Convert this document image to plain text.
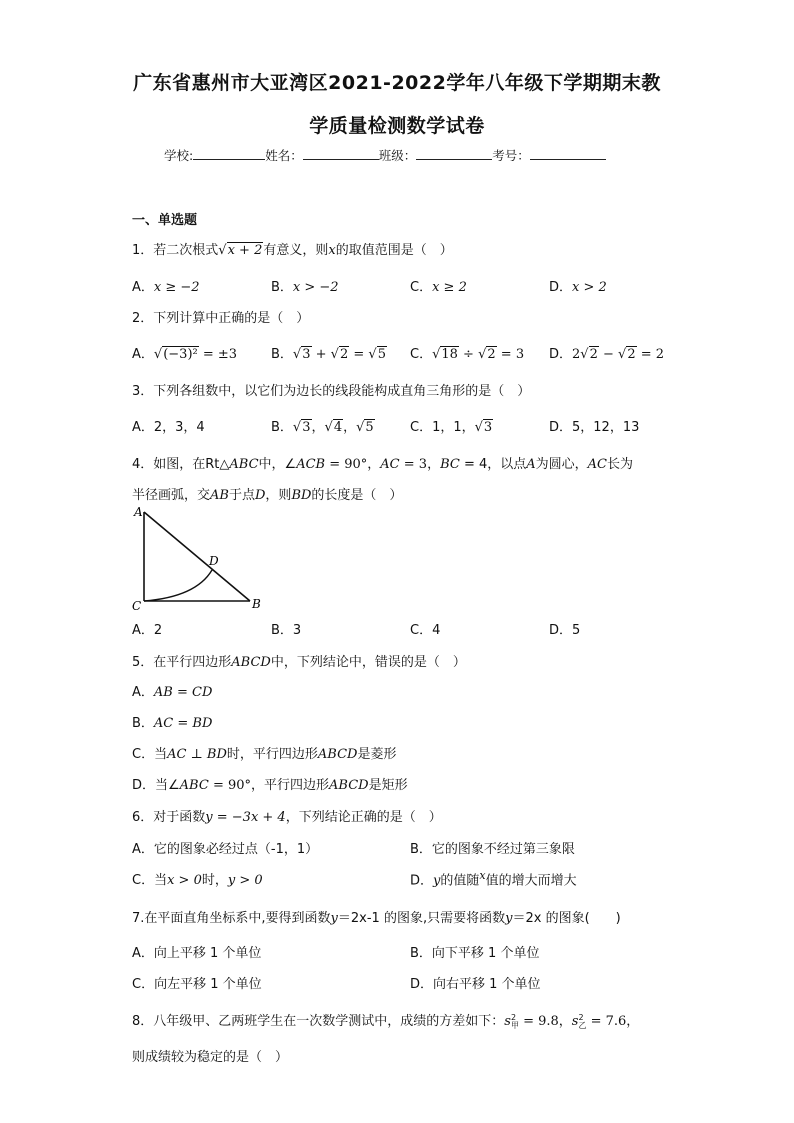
广东省惠州市大亚湾区2021-2022学年八年级下学期期末教
学质量检测数学试卷
学校:	姓名：	班级：	考号：
一、单选题
1．若二次根式√x + 2有意义，则x的取值范围是（　）
A．x ≥ −2	B．x > −2	C．x ≥ 2	D．x > 2
2．下列计算中正确的是（　）
A．√(−3)² = ±3	B．√3 + √2 = √5 C．√18 ÷ √2 = 3 D．2√2 − √2 = 2
3．下列各组数中，以它们为边长的线段能构成直角三角形的是（　）
A．2，3，4	B．√3，√4，√5	C．1，1，√3	D．5，12，13
4．如图，在Rt△ABC中，∠ACB = 90°，AC = 3，BC = 4，以点A为圆心，AC长为
半径画弧，交AB于点D，则BD的长度是（　）
A
B
C
D
A．2	B．3	C．4	D．5
5．在平行四边形ABCD中，下列结论中，错误的是（　）
A．AB = CD
B．AC = BD
C．当AC ⊥ BD时，平行四边形ABCD是菱形
D．当∠ABC = 90°，平行四边形ABCD是矩形
6．对于函数y = −3x + 4，下列结论正确的是（　）
A．它的图象必经过点（-1，1）	B．它的图象不经过第三象限
C．当x > 0时，y > 0	D．y的值随$^x$值的增大而增大
7.在平面直角坐标系中,要得到函数y＝2x-1 的图象,只需要将函数y＝2x 的图象(　　)
A．向上平移 1 个单位	B．向下平移 1 个单位
C．向左平移 1 个单位	D．向右平移 1 个单位
8．八年级甲、乙两班学生在一次数学测试中，成绩的方差如下：s 2
甲 = 9.8，s 2
乙 = 7.6，
则成绩较为稳定的是（　）
